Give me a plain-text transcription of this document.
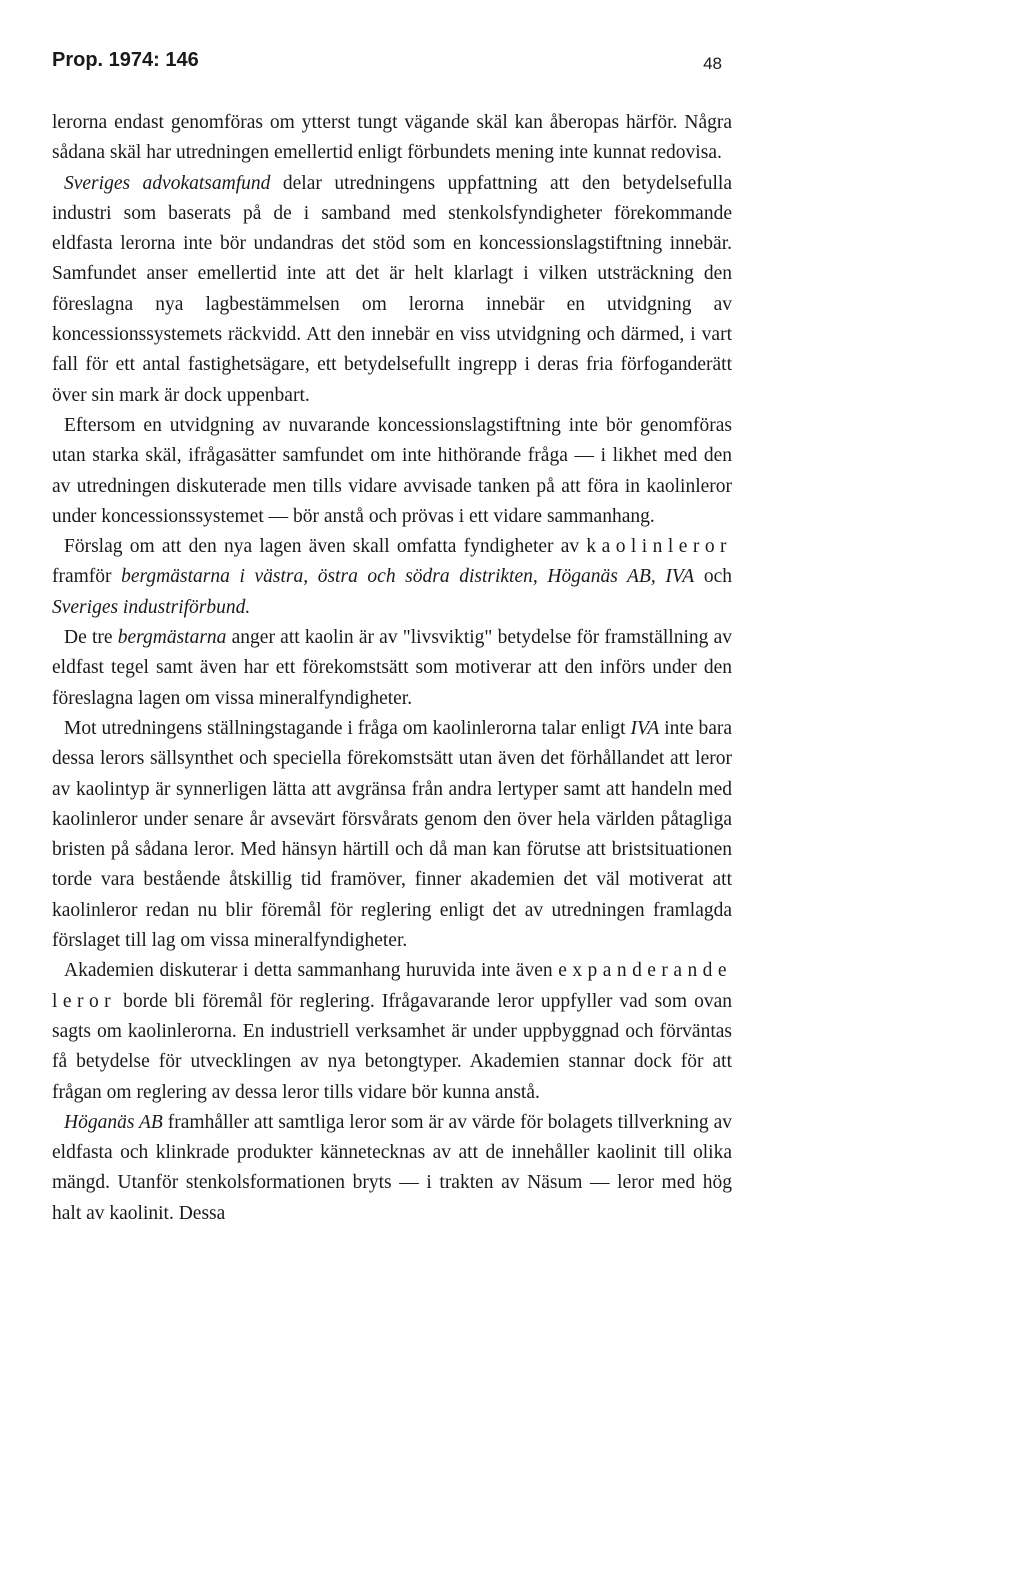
Prop. 1974: 146	48

lerorna endast genomföras om ytterst tungt vägande skäl kan åberopas härför. Några sådana skäl har utredningen emellertid enligt förbundets mening inte kunnat redovisa.

Sveriges advokatsamfund delar utredningens uppfattning att den betydelsefulla industri som baserats på de i samband med stenkolsfyndigheter förekommande eldfasta lerorna inte bör undandras det stöd som en koncessionslagstiftning innebär. Samfundet anser emellertid inte att det är helt klarlagt i vilken utsträckning den föreslagna nya lagbestämmelsen om lerorna innebär en utvidgning av koncessionssystemets räckvidd. Att den innebär en viss utvidgning och därmed, i vart fall för ett antal fastighetsägare, ett betydelsefullt ingrepp i deras fria förfoganderätt över sin mark är dock uppenbart.

Eftersom en utvidgning av nuvarande koncessionslagstiftning inte bör genomföras utan starka skäl, ifrågasätter samfundet om inte hithörande fråga — i likhet med den av utredningen diskuterade men tills vidare avvisade tanken på att föra in kaolinleror under koncessionssystemet — bör anstå och prövas i ett vidare sammanhang.

Förslag om att den nya lagen även skall omfatta fyndigheter av kaolinleror framför bergmästarna i västra, östra och södra distrikten, Höganäs AB, IVA och Sveriges industriförbund.

De tre bergmästarna anger att kaolin är av "livsviktig" betydelse för framställning av eldfast tegel samt även har ett förekomstsätt som motiverar att den införs under den föreslagna lagen om vissa mineralfyndigheter.

Mot utredningens ställningstagande i fråga om kaolinlerorna talar enligt IVA inte bara dessa lerors sällsynthet och speciella förekomstsätt utan även det förhållandet att leror av kaolintyp är synnerligen lätta att avgränsa från andra lertyper samt att handeln med kaolinleror under senare år avsevärt försvårats genom den över hela världen påtagliga bristen på sådana leror. Med hänsyn härtill och då man kan förutse att bristsituationen torde vara bestående åtskillig tid framöver, finner akademien det väl motiverat att kaolinleror redan nu blir föremål för reglering enligt det av utredningen framlagda förslaget till lag om vissa mineralfyndigheter.

Akademien diskuterar i detta sammanhang huruvida inte även expanderande leror borde bli föremål för reglering. Ifrågavarande leror uppfyller vad som ovan sagts om kaolinlerorna. En industriell verksamhet är under uppbyggnad och förväntas få betydelse för utvecklingen av nya betongtyper. Akademien stannar dock för att frågan om reglering av dessa leror tills vidare bör kunna anstå.

Höganäs AB framhåller att samtliga leror som är av värde för bolagets tillverkning av eldfasta och klinkrade produkter kännetecknas av att de innehåller kaolinit till olika mängd. Utanför stenkolsformationen bryts — i trakten av Näsum — leror med hög halt av kaolinit. Dessa
